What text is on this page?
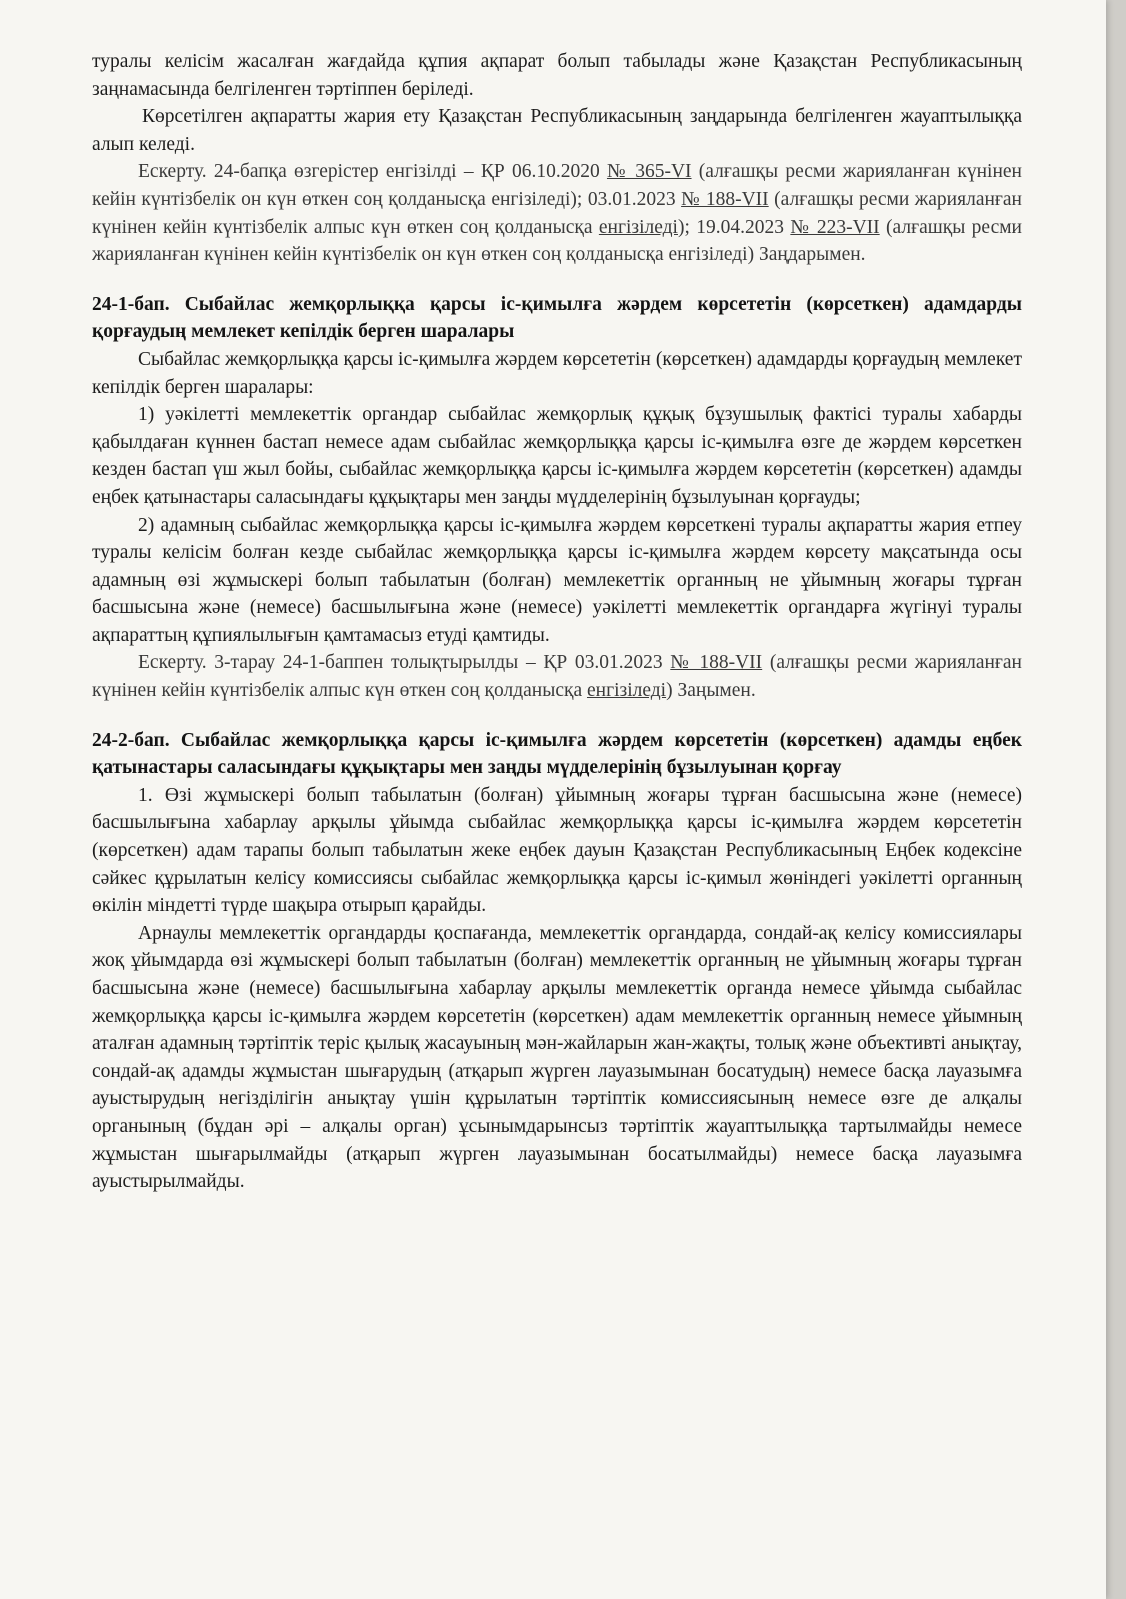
туралы келісім жасалған жағдайда құпия ақпарат болып табылады және Қазақстан Республикасының заңнамасында белгіленген тәртіппен беріледі.

Көрсетілген ақпаратты жария ету Қазақстан Республикасының заңдарында белгіленген жауаптылыққа алып келеді.

Ескерту. 24-бапқа өзгерістер енгізілді – ҚР 06.10.2020 № 365-VI (алғашқы ресми жарияланған күнінен кейін күнтізбелік он күн өткен соң қолданысқа енгізіледі); 03.01.2023 № 188-VII (алғашқы ресми жарияланған күнінен кейін күнтізбелік алпыс күн өткен соң қолданысқа енгізіледі); 19.04.2023 № 223-VII (алғашқы ресми жарияланған күнінен кейін күнтізбелік он күн өткен соң қолданысқа енгізіледі) Заңдарымен.

24-1-бап. Сыбайлас жемқорлыққа қарсы іс-қимылға жәрдем көрсететін (көрсеткен) адамдарды қорғаудың мемлекет кепілдік берген шаралары

Сыбайлас жемқорлыққа қарсы іс-қимылға жәрдем көрсететін (көрсеткен) адамдарды қорғаудың мемлекет кепілдік берген шаралары:

1) уәкілетті мемлекеттік органдар сыбайлас жемқорлық құқық бұзушылық фактісі туралы хабарды қабылдаған күннен бастап немесе адам сыбайлас жемқорлыққа қарсы іс-қимылға өзге де жәрдем көрсеткен кезден бастап үш жыл бойы, сыбайлас жемқорлыққа қарсы іс-қимылға жәрдем көрсететін (көрсеткен) адамды еңбек қатынастары саласындағы құқықтары мен заңды мүдделерінің бұзылуынан қорғауды;

2) адамның сыбайлас жемқорлыққа қарсы іс-қимылға жәрдем көрсеткені туралы ақпаратты жария етпеу туралы келісім болған кезде сыбайлас жемқорлыққа қарсы іс-қимылға жәрдем көрсету мақсатында осы адамның өзі жұмыскері болып табылатын (болған) мемлекеттік органның не ұйымның жоғары тұрған басшысына және (немесе) басшылығына және (немесе) уәкілетті мемлекеттік органдарға жүгінуі туралы ақпараттың құпиялылығын қамтамасыз етуді қамтиды.

Ескерту. 3-тарау 24-1-баппен толықтырылды – ҚР 03.01.2023 № 188-VII (алғашқы ресми жарияланған күнінен кейін күнтізбелік алпыс күн өткен соң қолданысқа енгізіледі) Заңымен.

24-2-бап. Сыбайлас жемқорлыққа қарсы іс-қимылға жәрдем көрсететін (көрсеткен) адамды еңбек қатынастары саласындағы құқықтары мен заңды мүдделерінің бұзылуынан қорғау

1. Өзі жұмыскері болып табылатын (болған) ұйымның жоғары тұрған басшысына және (немесе) басшылығына хабарлау арқылы ұйымда сыбайлас жемқорлыққа қарсы іс-қимылға жәрдем көрсететін (көрсеткен) адам тарапы болып табылатын жеке еңбек дауын Қазақстан Республикасының Еңбек кодексіне сәйкес құрылатын келісу комиссиясы сыбайлас жемқорлыққа қарсы іс-қимыл жөніндегі уәкілетті органның өкілін міндетті түрде шақыра отырып қарайды.

Арнаулы мемлекеттік органдарды қоспағанда, мемлекеттік органдарда, сондай-ақ келісу комиссиялары жоқ ұйымдарда өзі жұмыскері болып табылатын (болған) мемлекеттік органның не ұйымның жоғары тұрған басшысына және (немесе) басшылығына хабарлау арқылы мемлекеттік органда немесе ұйымда сыбайлас жемқорлыққа қарсы іс-қимылға жәрдем көрсететін (көрсеткен) адам мемлекеттік органның немесе ұйымның аталған адамның тәртіптік теріс қылық жасауының мән-жайларын жан-жақты, толық және объективті анықтау, сондай-ақ адамды жұмыстан шығарудың (атқарып жүрген лауазымынан босатудың) немесе басқа лауазымға ауыстырудың негізділігін анықтау үшін құрылатын тәртіптік комиссиясының немесе өзге де алқалы органының (бұдан әрі – алқалы орган) ұсынымдарынсыз тәртіптік жауаптылыққа тартылмайды немесе жұмыстан шығарылмайды (атқарып жүрген лауазымынан босатылмайды) немесе басқа лауазымға ауыстырылмайды.
